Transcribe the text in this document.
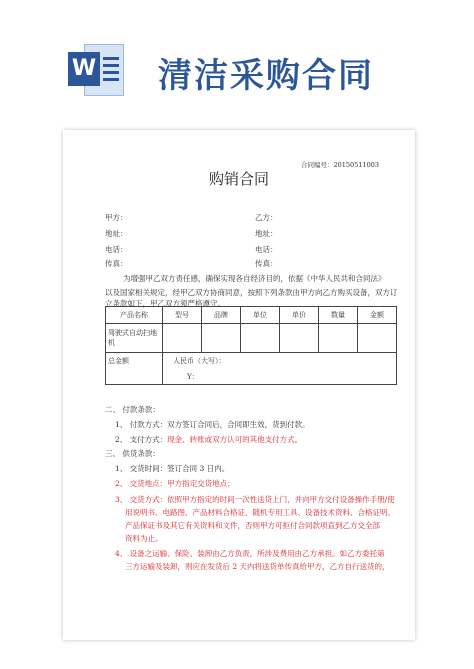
W 清洁采购合同
合同编号：20150511003
购销合同
甲方：	乙方：
地址：	地址：
电话：	电话：
传真：	传真：
为增强甲乙双方责任感，确保实现各自经济目的，依据《中华人民共和合同法》
以及国家相关规定，经甲乙双方协商同意，按照下列条款由甲方向乙方购买设备，双方订
立条款如下，甲乙双方须严格遵守。
产品名称	型号	品牌	单位	单价	数量	金额
驾驶式自动扫地机						
总金额	人民币（大写）：
Y：					
二、 付款条款：
1、 付款方式：双方签订合同后，合同即生效，货到付款。
2、 支付方式：现金、转账或双方认可的其他支付方式。
三、 供货条款：
1、 交货时间：签订合同 3 日内。
2、 交货地点：甲方指定交货地点；
3、 交货方式：依照甲方指定的时间一次性送货上门，并向甲方交付设备操作手册/使
用说明书、电路图、产品材料合格证、随机专用工具、设备技术资料、合格证明、
产品保证书及其它有关资料和文件，否则甲方可拒付合同款项直到乙方交全部
资料为止。
4、 设备之运输、保险、装卸由乙方负责，所涉及费用由乙方承担。如乙方委托第
三方运输及装卸，则应在发货后 2 天内将送货单传真给甲方，乙方自行送货的，
